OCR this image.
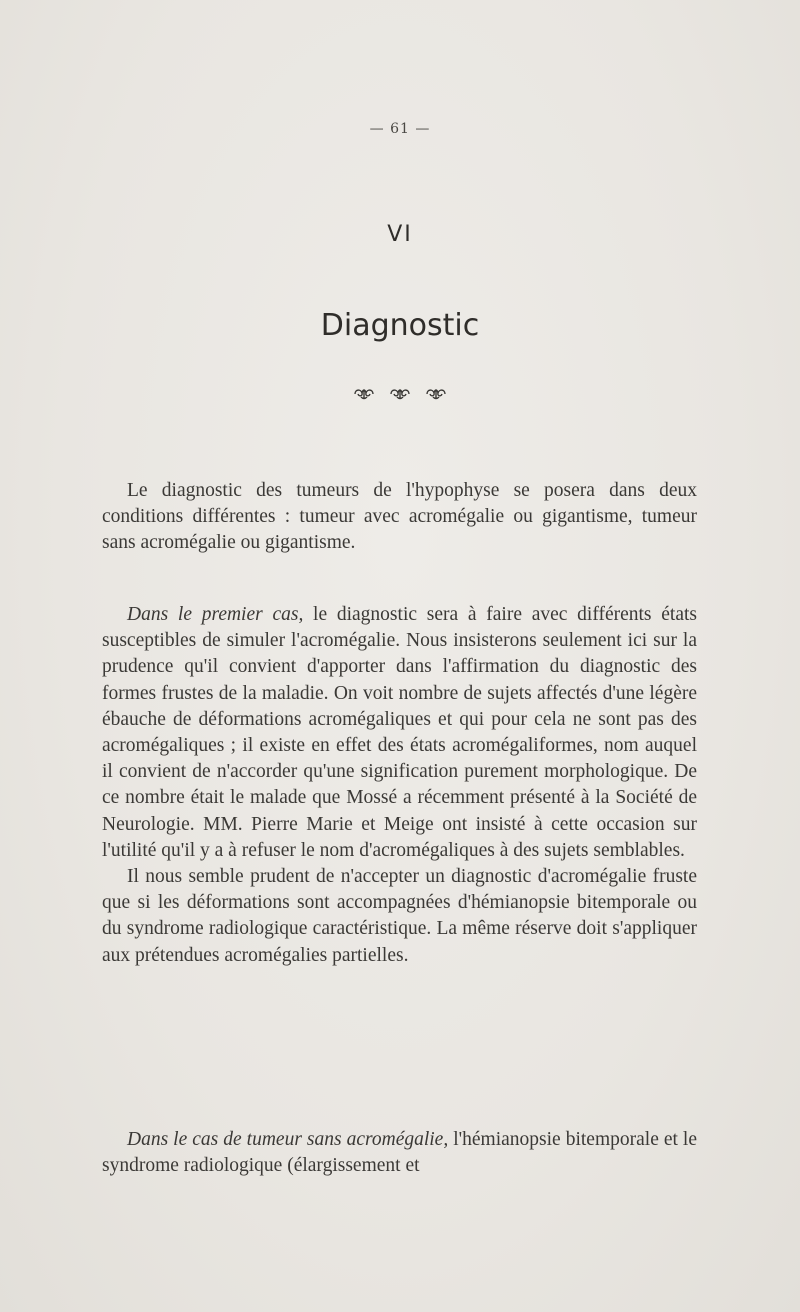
— 61 —
VI
Diagnostic

Le diagnostic des tumeurs de l'hypophyse se posera dans deux conditions différentes : tumeur avec acromégalie ou gigantisme, tumeur sans acromégalie ou gigantisme.

Dans le premier cas, le diagnostic sera à faire avec différents états susceptibles de simuler l'acromégalie. Nous insisterons seulement ici sur la prudence qu'il convient d'apporter dans l'affirmation du diagnostic des formes frustes de la maladie. On voit nombre de sujets affectés d'une légère ébauche de déformations acromégaliques et qui pour cela ne sont pas des acromégaliques ; il existe en effet des états acromégaliformes, nom auquel il convient de n'accorder qu'une signification purement morphologique. De ce nombre était le malade que Mossé a récemment présenté à la Société de Neurologie. MM. Pierre Marie et Meige ont insisté à cette occasion sur l'utilité qu'il y a à refuser le nom d'acromégaliques à des sujets semblables.

Il nous semble prudent de n'accepter un diagnostic d'acromégalie fruste que si les déformations sont accompagnées d'hémianopsie bitemporale ou du syndrome radiologique caractéristique. La même réserve doit s'appliquer aux prétendues acromégalies partielles.

Dans le cas de tumeur sans acromégalie, l'hémianopsie bitemporale et le syndrome radiologique (élargissement et
